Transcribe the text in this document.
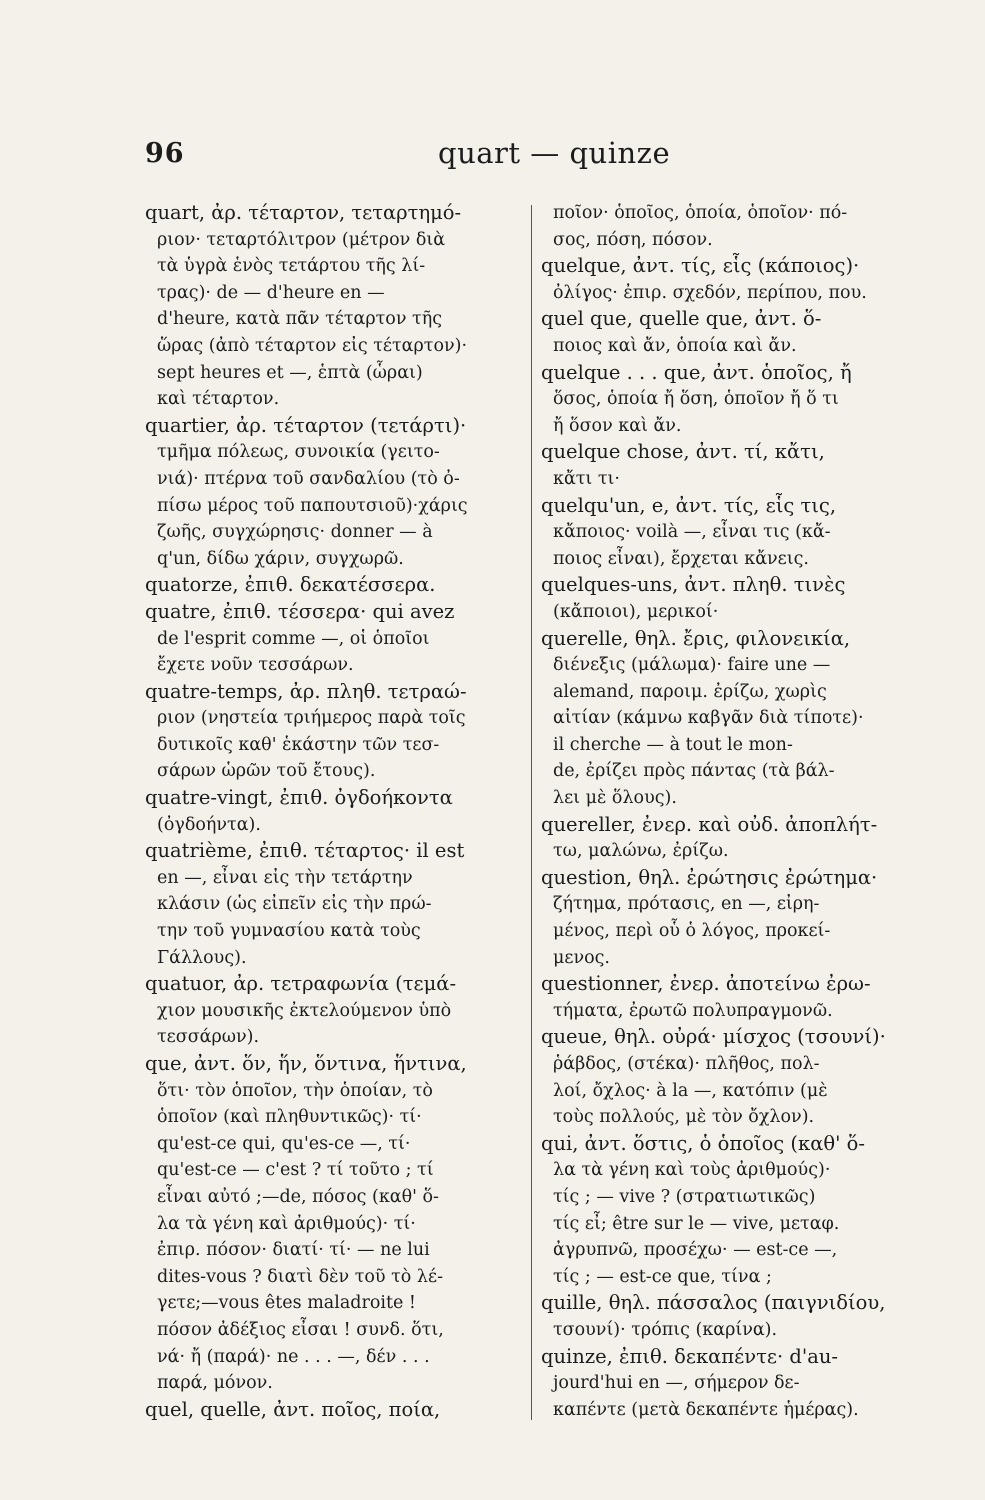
96	quart — quinze
quart, ἀρ. τέταρτον, τεταρτημό-
ριον· τεταρτόλιτρον (μέτρον διὰ
τὰ ὑγρὰ ἑνὸς τετάρτου τῆς λί-
τρας)· de — d'heure en —
d'heure, κατὰ πᾶν τέταρτον τῆς
ὥρας (ἀπὸ τέταρτον εἰς τέταρτον)·
sept heures et —, ἑπτὰ (ὧραι)
καὶ τέταρτον.
quartier, ἀρ. τέταρτον (τετάρτι)·
τμῆμα πόλεως, συνοικία (γειτο-
νιά)· πτέρνα τοῦ σανδαλίου (τὸ ὀ-
πίσω μέρος τοῦ παπουτσιοῦ)·χάρις
ζωῆς, συγχώρησις· donner — à
q'un, δίδω χάριν, συγχωρῶ.
quatorze, ἐπιθ. δεκατέσσερα.
quatre, ἐπιθ. τέσσερα· qui avez
de l'esprit comme —, οἱ ὁποῖοι
ἔχετε νοῦν τεσσάρων.
quatre-temps, ἀρ. πληθ. τετραώ-
ριον (νηστεία τριήμερος παρὰ τοῖς
δυτικοῖς καθ' ἑκάστην τῶν τεσ-
σάρων ὡρῶν τοῦ ἔτους).
quatre-vingt, ἐπιθ. ὀγδοήκοντα
(ὀγδοήντα).
quatrième, ἐπιθ. τέταρτος· il est
en —, εἶναι εἰς τὴν τετάρτην
κλάσιν (ὡς εἰπεῖν εἰς τὴν πρώ-
την τοῦ γυμνασίου κατὰ τοὺς
Γάλλους).
quatuor, ἀρ. τετραφωνία (τεμά-
χιον μουσικῆς ἐκτελούμενον ὑπὸ
τεσσάρων).
que, ἀντ. ὅν, ἥν, ὅντινα, ἥντινα,
ὅτι· τὸν ὁποῖον, τὴν ὁποίαν, τὸ
ὁποῖον (καὶ πληθυντικῶς)· τί·
qu'est-ce qui, qu'es-ce —, τί·
qu'est-ce — c'est ? τί τοῦτο ; τί
εἶναι αὐτό ;—de, πόσος (καθ' ὅ-
λα τὰ γένη καὶ ἀριθμούς)· τί·
ἐπιρ. πόσον· διατί· τί· — ne lui
dites-vous ? διατὶ δὲν τοῦ τὸ λέ-
γετε;—vous êtes maladroite !
πόσον ἀδέξιος εἶσαι ! συνδ. ὅτι,
νά· ἤ (παρά)· ne . . . —, δέν . . .
παρά, μόνον.
quel, quelle, ἀντ. ποῖος, ποία,
ποῖον· ὁποῖος, ὁποία, ὁποῖον· πό-
σος, πόση, πόσον.
quelque, ἀντ. τίς, εἷς (κάποιος)·
ὀλίγος· ἐπιρ. σχεδόν, περίπου, που.
quel que, quelle que, ἀντ. ὅ-
ποιος καὶ ἄν, ὁποία καὶ ἄν.
quelque . . . que, ἀντ. ὁποῖος, ἤ
ὅσος, ὁποία ἤ ὅση, ὁποῖον ἤ ὅ τι
ἤ ὅσον καὶ ἄν.
quelque chose, ἀντ. τί, κἄτι,
κἄτι τι·
quelqu'un, e, ἀντ. τίς, εἷς τις,
κἄποιος· voilà —, εἶναι τις (κἄ-
ποιος εἶναι), ἔρχεται κἄνεις.
quelques-uns, ἀντ. πληθ. τινὲς
(κἄποιοι), μερικοί·
querelle, θηλ. ἔρις, φιλονεικία,
διένεξις (μάλωμα)· faire une —
alemand, παροιμ. ἐρίζω, χωρὶς
αἰτίαν (κάμνω καβγᾶν διὰ τίποτε)·
il cherche — à tout le mon-
de, ἐρίζει πρὸς πάντας (τὰ βάλ-
λει μὲ ὅλους).
quereller, ἐνερ. καὶ οὐδ. ἀποπλήτ-
τω, μαλώνω, ἐρίζω.
question, θηλ. ἐρώτησις ἐρώτημα·
ζήτημα, πρότασις, en —, εἰρη-
μένος, περὶ οὗ ὁ λόγος, προκεί-
μενος.
questionner, ἐνερ. ἀποτείνω ἐρω-
τήματα, ἐρωτῶ πολυπραγμονῶ.
queue, θηλ. οὐρά· μίσχος (τσουνί)·
ῥάβδος, (στέκα)· πλῆθος, πολ-
λοί, ὄχλος· à la —, κατόπιν (μὲ
τοὺς πολλούς, μὲ τὸν ὄχλον).
qui, ἀντ. ὅστις, ὁ ὁποῖος (καθ' ὅ-
λα τὰ γένη καὶ τοὺς ἀριθμούς)·
τίς ; — vive ? (στρατιωτικῶς)
τίς εἶ; être sur le — vive, μεταφ.
ἀγρυπνῶ, προσέχω· — est-ce —,
τίς ; — est-ce que, τίνα ;
quille, θηλ. πάσσαλος (παιγνιδίου,
τσουνί)· τρόπις (καρίνα).
quinze, ἐπιθ. δεκαπέντε· d'au-
jourd'hui en —, σήμερον δε-
καπέντε (μετὰ δεκαπέντε ἡμέρας).
